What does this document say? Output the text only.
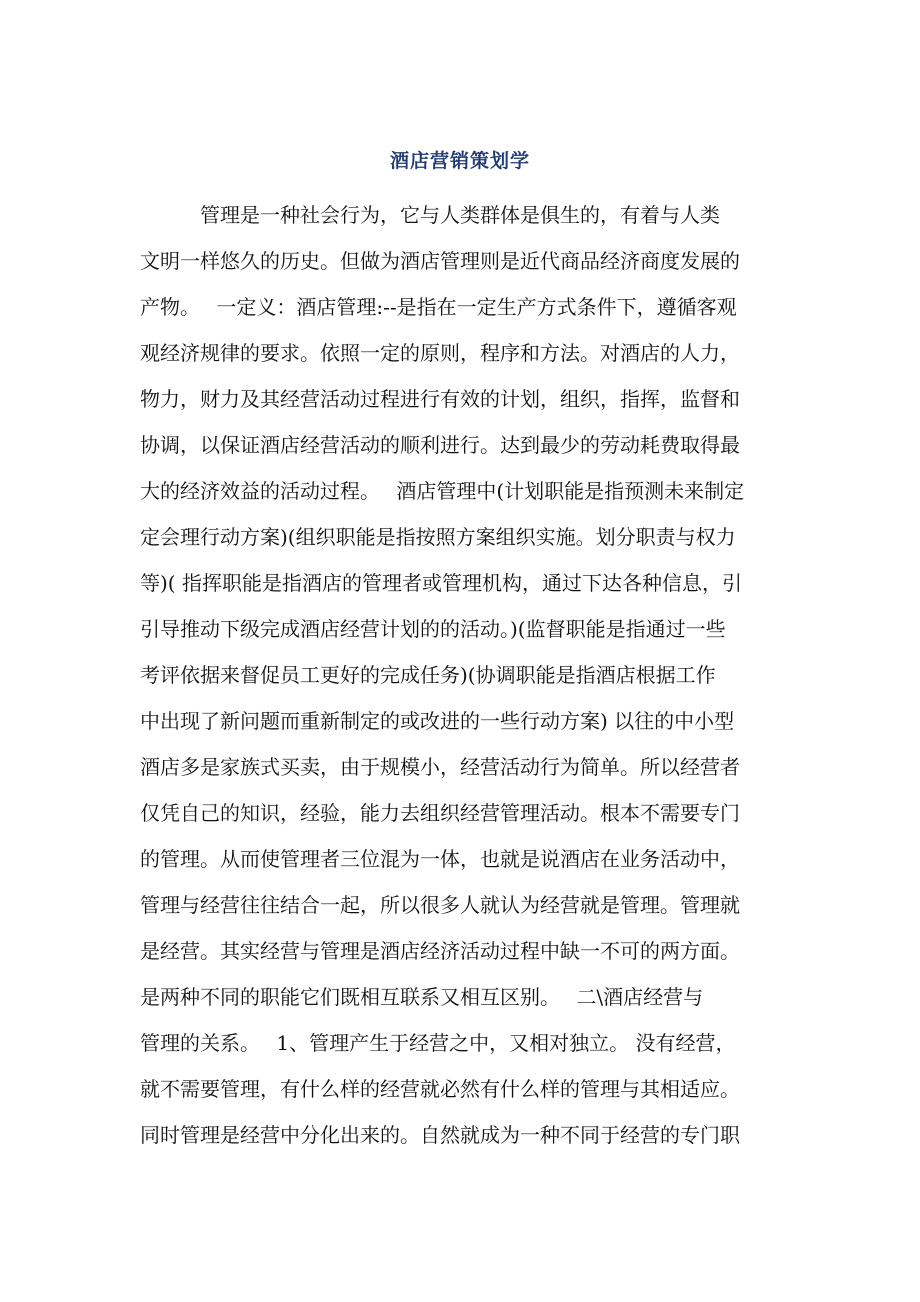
酒店营销策划学
　　　管理是一种社会行为，它与人类群体是俱生的，有着与人类
文明一样悠久的历史。但做为酒店管理则是近代商品经济商度发展的
产物。　 一定义：酒店管理:--是指在一定生产方式条件下，遵循客观
观经济规律的要求。依照一定的原则，程序和方法。对酒店的人力，
物力，财力及其经营活动过程进行有效的计划，组织，指挥，监督和
协调，以保证酒店经营活动的顺利进行。达到最少的劳动耗费取得最
大的经济效益的活动过程。　 酒店管理中(计划职能是指预测未来制定
定会理行动方案)(组织职能是指按照方案组织实施。划分职责与权力
等)( 指挥职能是指酒店的管理者或管理机构，通过下达各种信息，引
引导推动下级完成酒店经营计划的的活动。)(监督职能是指通过一些
考评依据来督促员工更好的完成任务)(协调职能是指酒店根据工作
中出现了新问题而重新制定的或改进的一些行动方案) 以往的中小型
酒店多是家族式买卖，由于规模小，经营活动行为简单。所以经营者
仅凭自己的知识，经验，能力去组织经营管理活动。根本不需要专门
的管理。从而使管理者三位混为一体，也就是说酒店在业务活动中，
管理与经营往往结合一起，所以很多人就认为经营就是管理。管理就
是经营。其实经营与管理是酒店经济活动过程中缺一不可的两方面。
是两种不同的职能它们既相互联系又相互区别。　 二\酒店经营与
管理的关系。　 1、管理产生于经营之中，又相对独立。 没有经营，
就不需要管理，有什么样的经营就必然有什么样的管理与其相适应。
同时管理是经营中分化出来的。自然就成为一种不同于经营的专门职
